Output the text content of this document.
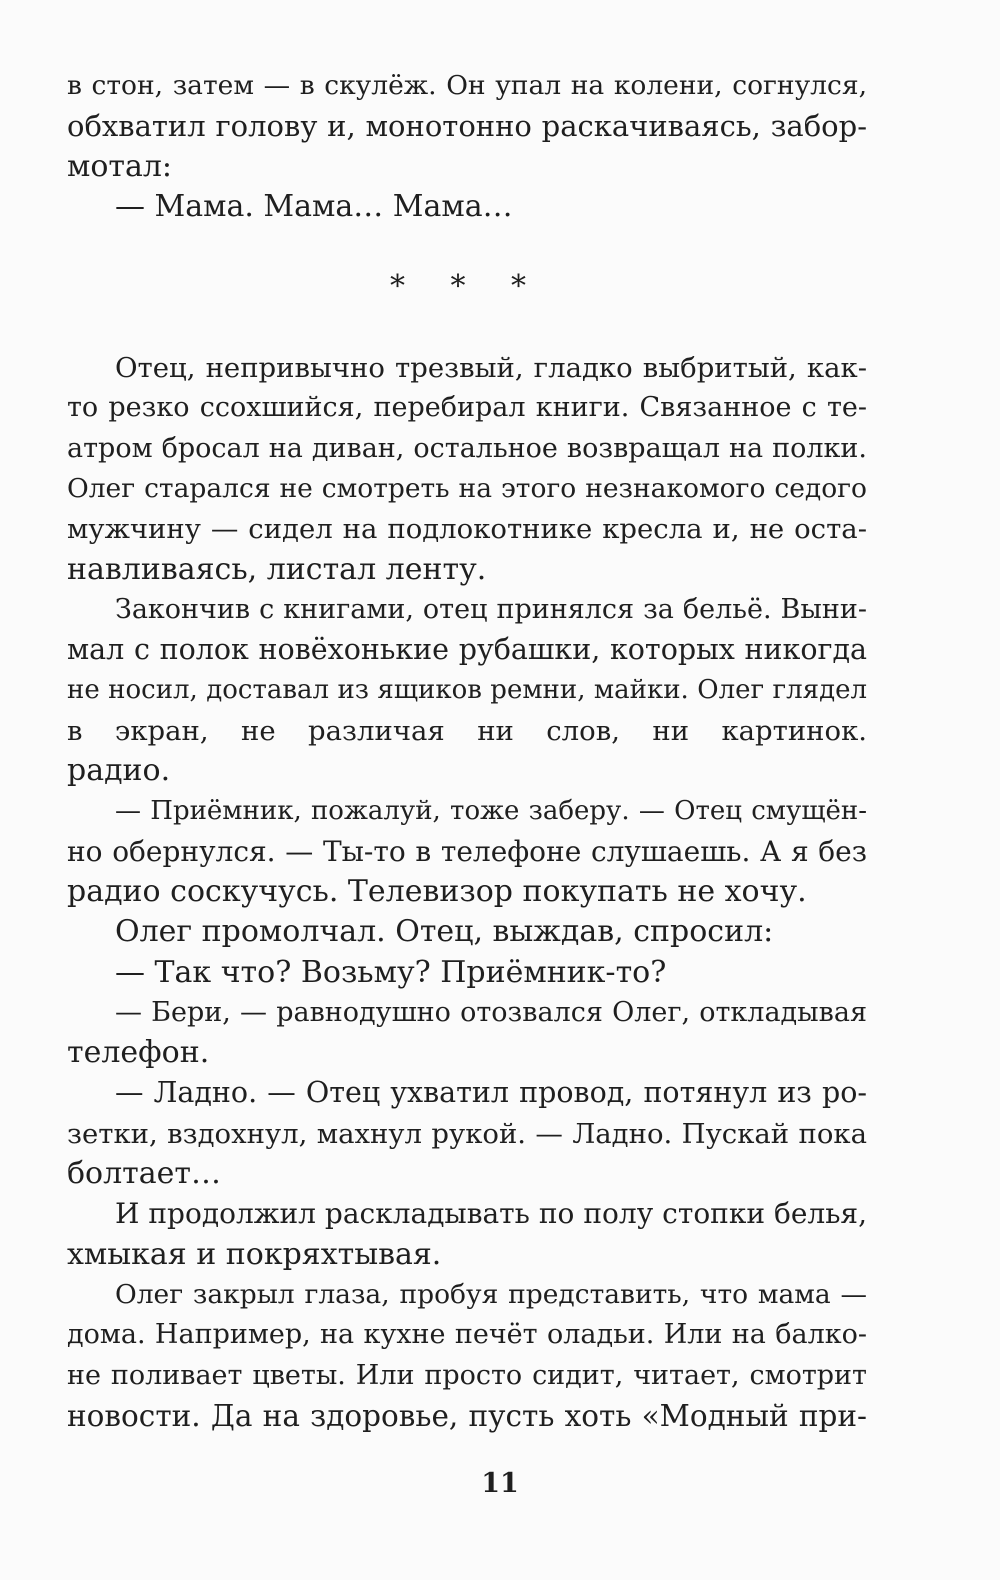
в стон, затем — в скулёж. Он упал на колени, согнулся,
обхватил голову и, монотонно раскачиваясь, забор-
мотал:
— Мама. Мама… Мама…
* * *
Отец, непривычно трезвый, гладко выбритый, как-
то резко ссохшийся, перебирал книги. Связанное с те-
атром бросал на диван, остальное возвращал на полки.
Олег старался не смотреть на этого незнакомого седого
мужчину — сидел на подлокотнике кресла и, не оста-
навливаясь, листал ленту.
Закончив с книгами, отец принялся за бельё. Выни-
мал с полок новёхонькие рубашки, которых никогда
не носил, доставал из ящиков ремни, майки. Олег глядел
в экран, не различая ни слов, ни картинок.
радио.
— Приёмник, пожалуй, тоже заберу. — Отец смущён-
но обернулся. — Ты-то в телефоне слушаешь. А я без
радио соскучусь. Телевизор покупать не хочу.
Олег промолчал. Отец, выждав, спросил:
— Так что? Возьму? Приёмник-то?
— Бери, — равнодушно отозвался Олег, откладывая
телефон.
— Ладно. — Отец ухватил провод, потянул из ро-
зетки, вздохнул, махнул рукой. — Ладно. Пускай пока
болтает…
И продолжил раскладывать по полу стопки белья,
хмыкая и покряхтывая.
Олег закрыл глаза, пробуя представить, что мама —
дома. Например, на кухне печёт оладьи. Или на балко-
не поливает цветы. Или просто сидит, читает, смотрит
новости. Да на здоровье, пусть хоть «Модный при-
11
